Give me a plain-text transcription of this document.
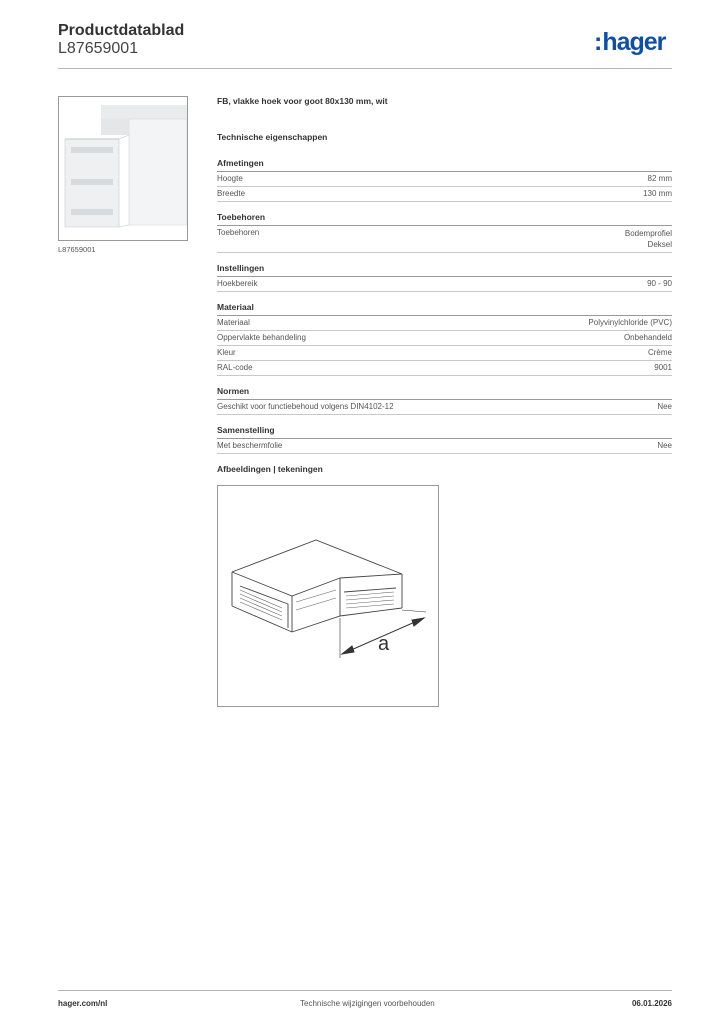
Productdatablad
L87659001	:hager
L87659001
FB, vlakke hoek voor goot 80x130 mm, wit
Technische eigenschappen
Afmetingen
Hoogte	82 mm
Breedte	130 mm
Toebehoren
Toebehoren	Bodemprofiel
Deksel
Instellingen
Hoekbereik	90 - 90
Materiaal
Materiaal	Polyvinylchloride (PVC)
Oppervlakte behandeling	Onbehandeld
Kleur	Crème
RAL-code	9001
Normen
Geschikt voor functiebehoud volgens DIN4102-12	Nee
Samenstelling
Met beschermfolie	Nee
Afbeeldingen | tekeningen
a
hager.com/nl	Technische wijzigingen voorbehouden	06.01.2026
